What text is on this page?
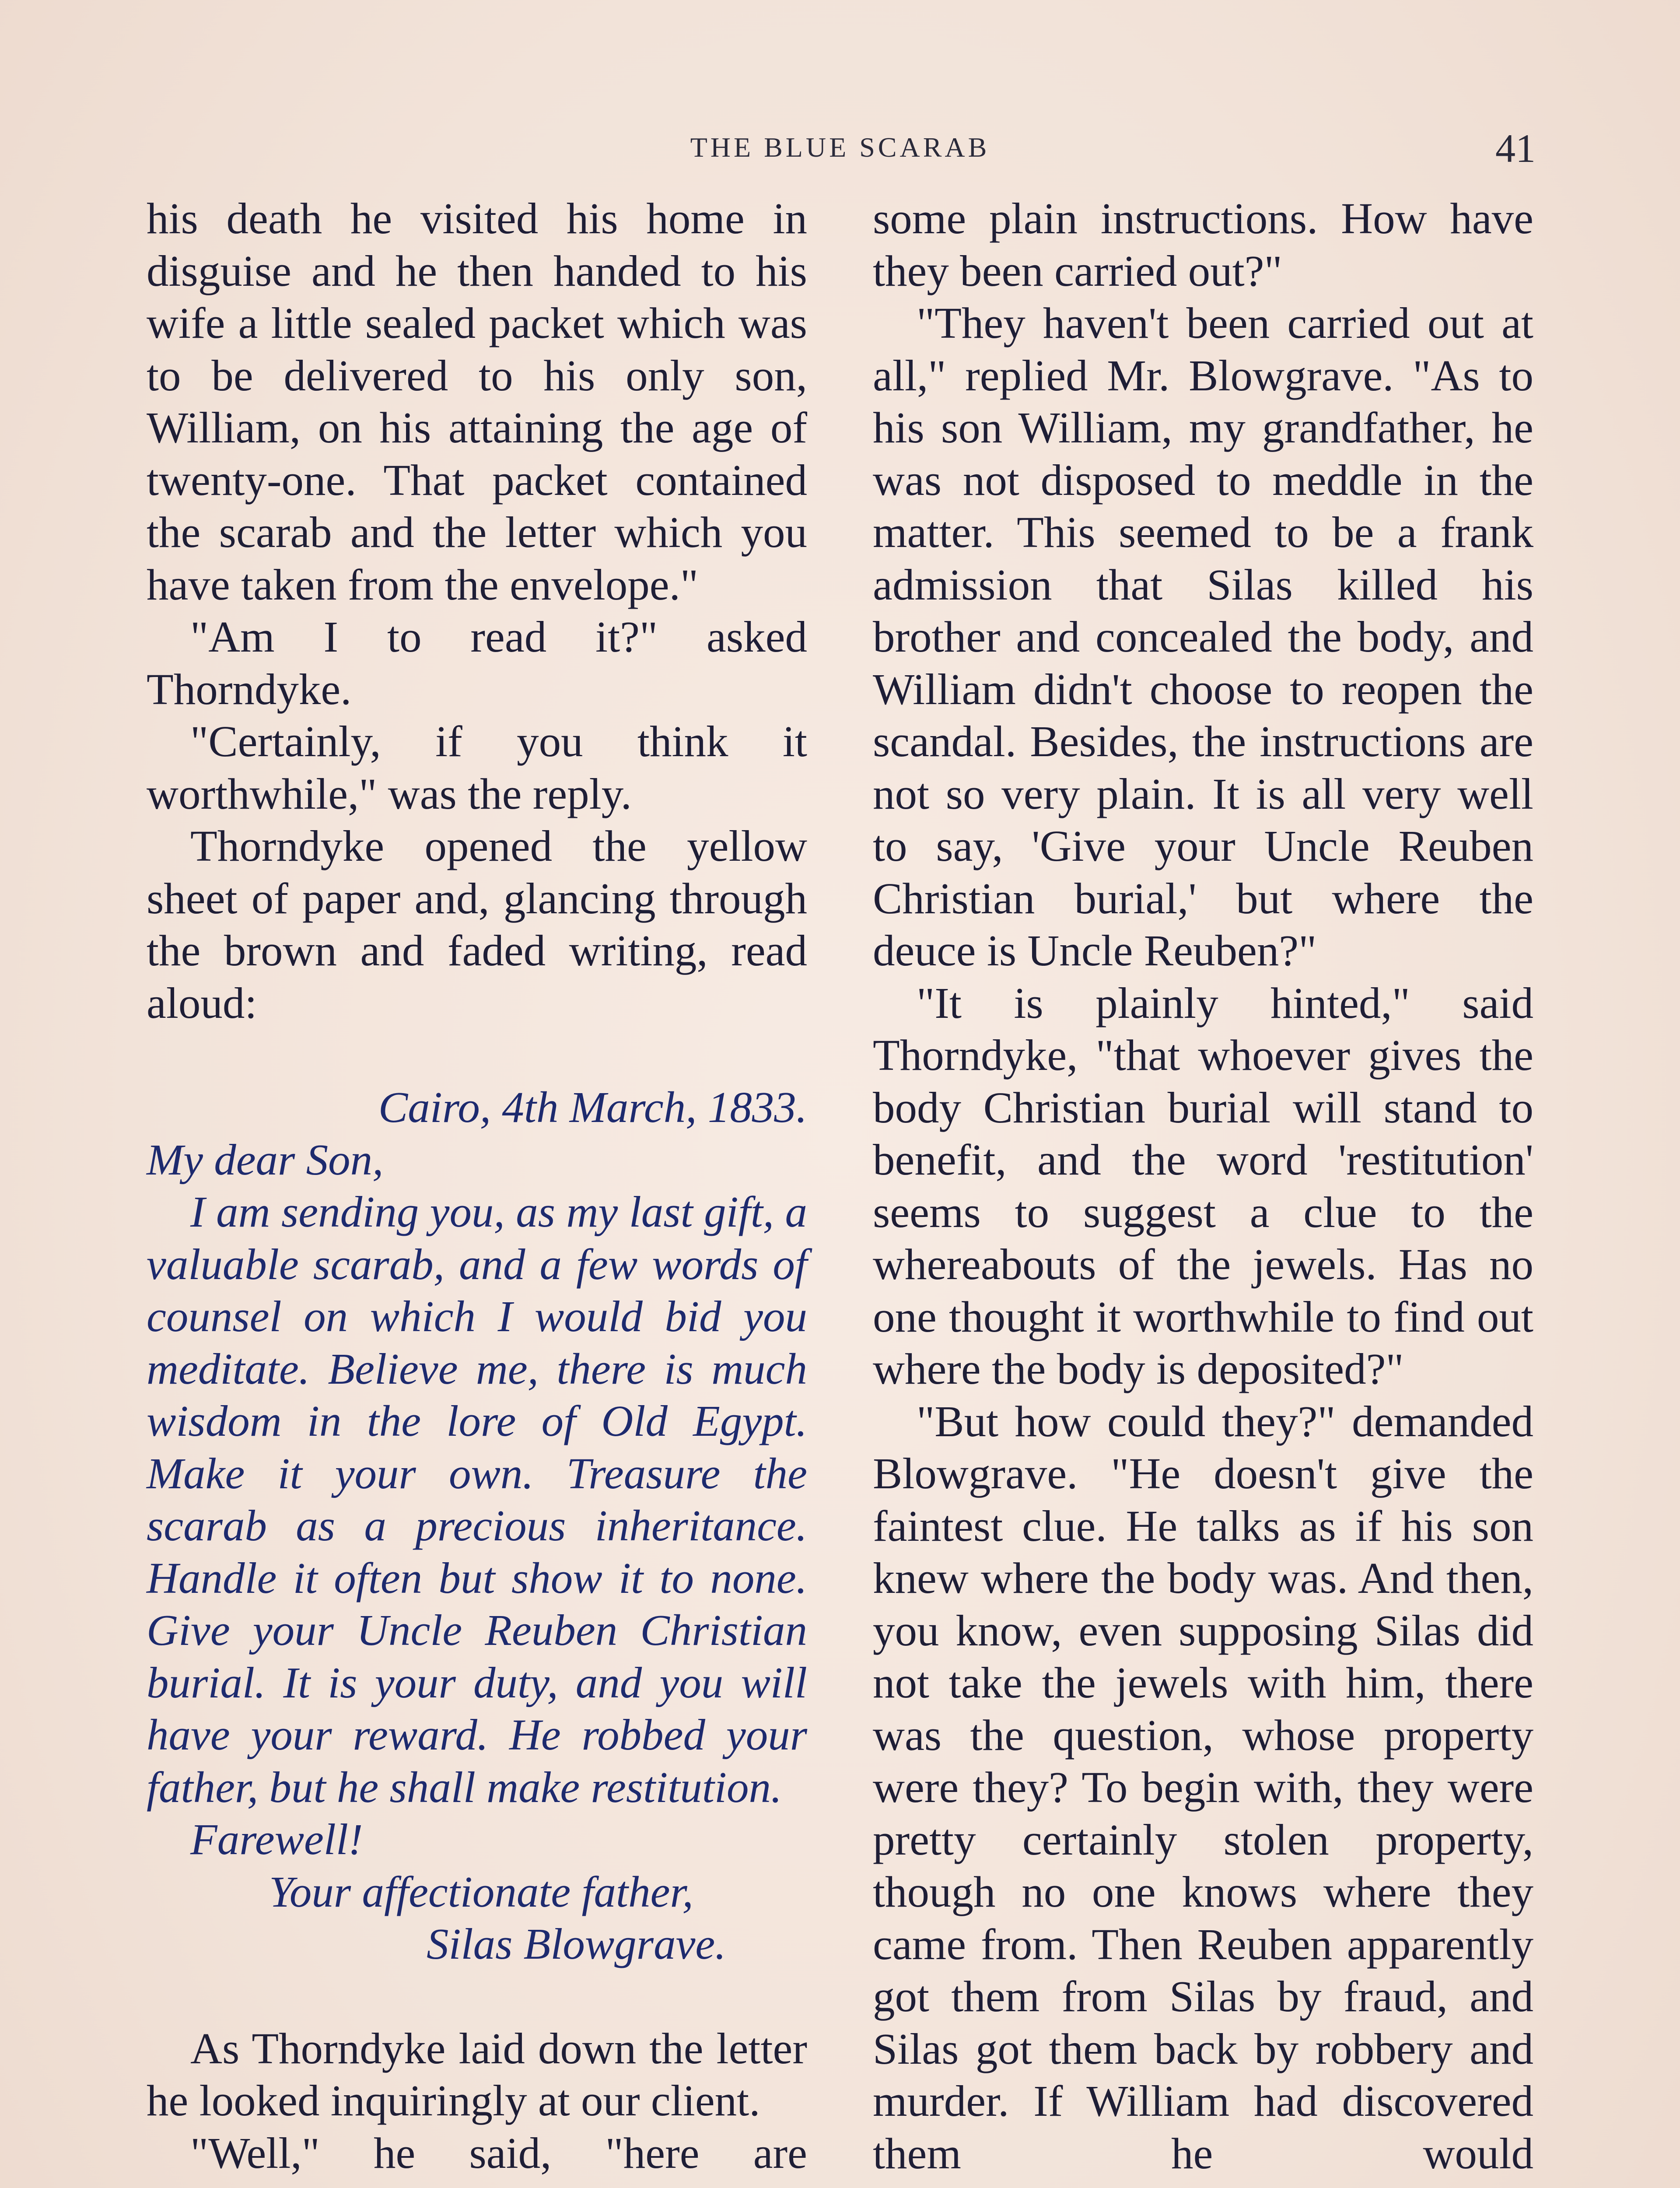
THE BLUE SCARAB	41

his death he visited his home in disguise and he then handed to his wife a little sealed packet which was to be delivered to his only son, William, on his attaining the age of twenty-one. That packet contained the scarab and the letter which you have taken from the envelope."

"Am I to read it?" asked Thorndyke.

"Certainly, if you think it worthwhile," was the reply.

Thorndyke opened the yellow sheet of paper and, glancing through the brown and faded writing, read aloud:

Cairo, 4th March, 1833.

My dear Son,

I am sending you, as my last gift, a valuable scarab, and a few words of counsel on which I would bid you meditate. Believe me, there is much wisdom in the lore of Old Egypt. Make it your own. Treasure the scarab as a precious inheritance. Handle it often but show it to none. Give your Uncle Reuben Christian burial. It is your duty, and you will have your reward. He robbed your father, but he shall make restitution.

Farewell!

Your affectionate father,

Silas Blowgrave.

As Thorndyke laid down the letter he looked inquiringly at our client.

"Well," he said, "here are

some plain instructions. How have they been carried out?"

"They haven't been carried out at all," replied Mr. Blowgrave. "As to his son William, my grandfather, he was not disposed to meddle in the matter. This seemed to be a frank admission that Silas killed his brother and concealed the body, and William didn't choose to reopen the scandal. Besides, the instructions are not so very plain. It is all very well to say, 'Give your Uncle Reuben Christian burial,' but where the deuce is Uncle Reuben?"

"It is plainly hinted," said Thorndyke, "that whoever gives the body Christian burial will stand to benefit, and the word 'restitution' seems to suggest a clue to the whereabouts of the jewels. Has no one thought it worthwhile to find out where the body is deposited?"

"But how could they?" demanded Blowgrave. "He doesn't give the faintest clue. He talks as if his son knew where the body was. And then, you know, even supposing Silas did not take the jewels with him, there was the question, whose property were they? To begin with, they were pretty certainly stolen property, though no one knows where they came from. Then Reuben apparently got them from Silas by fraud, and Silas got them back by robbery and murder. If William had discovered them he would
